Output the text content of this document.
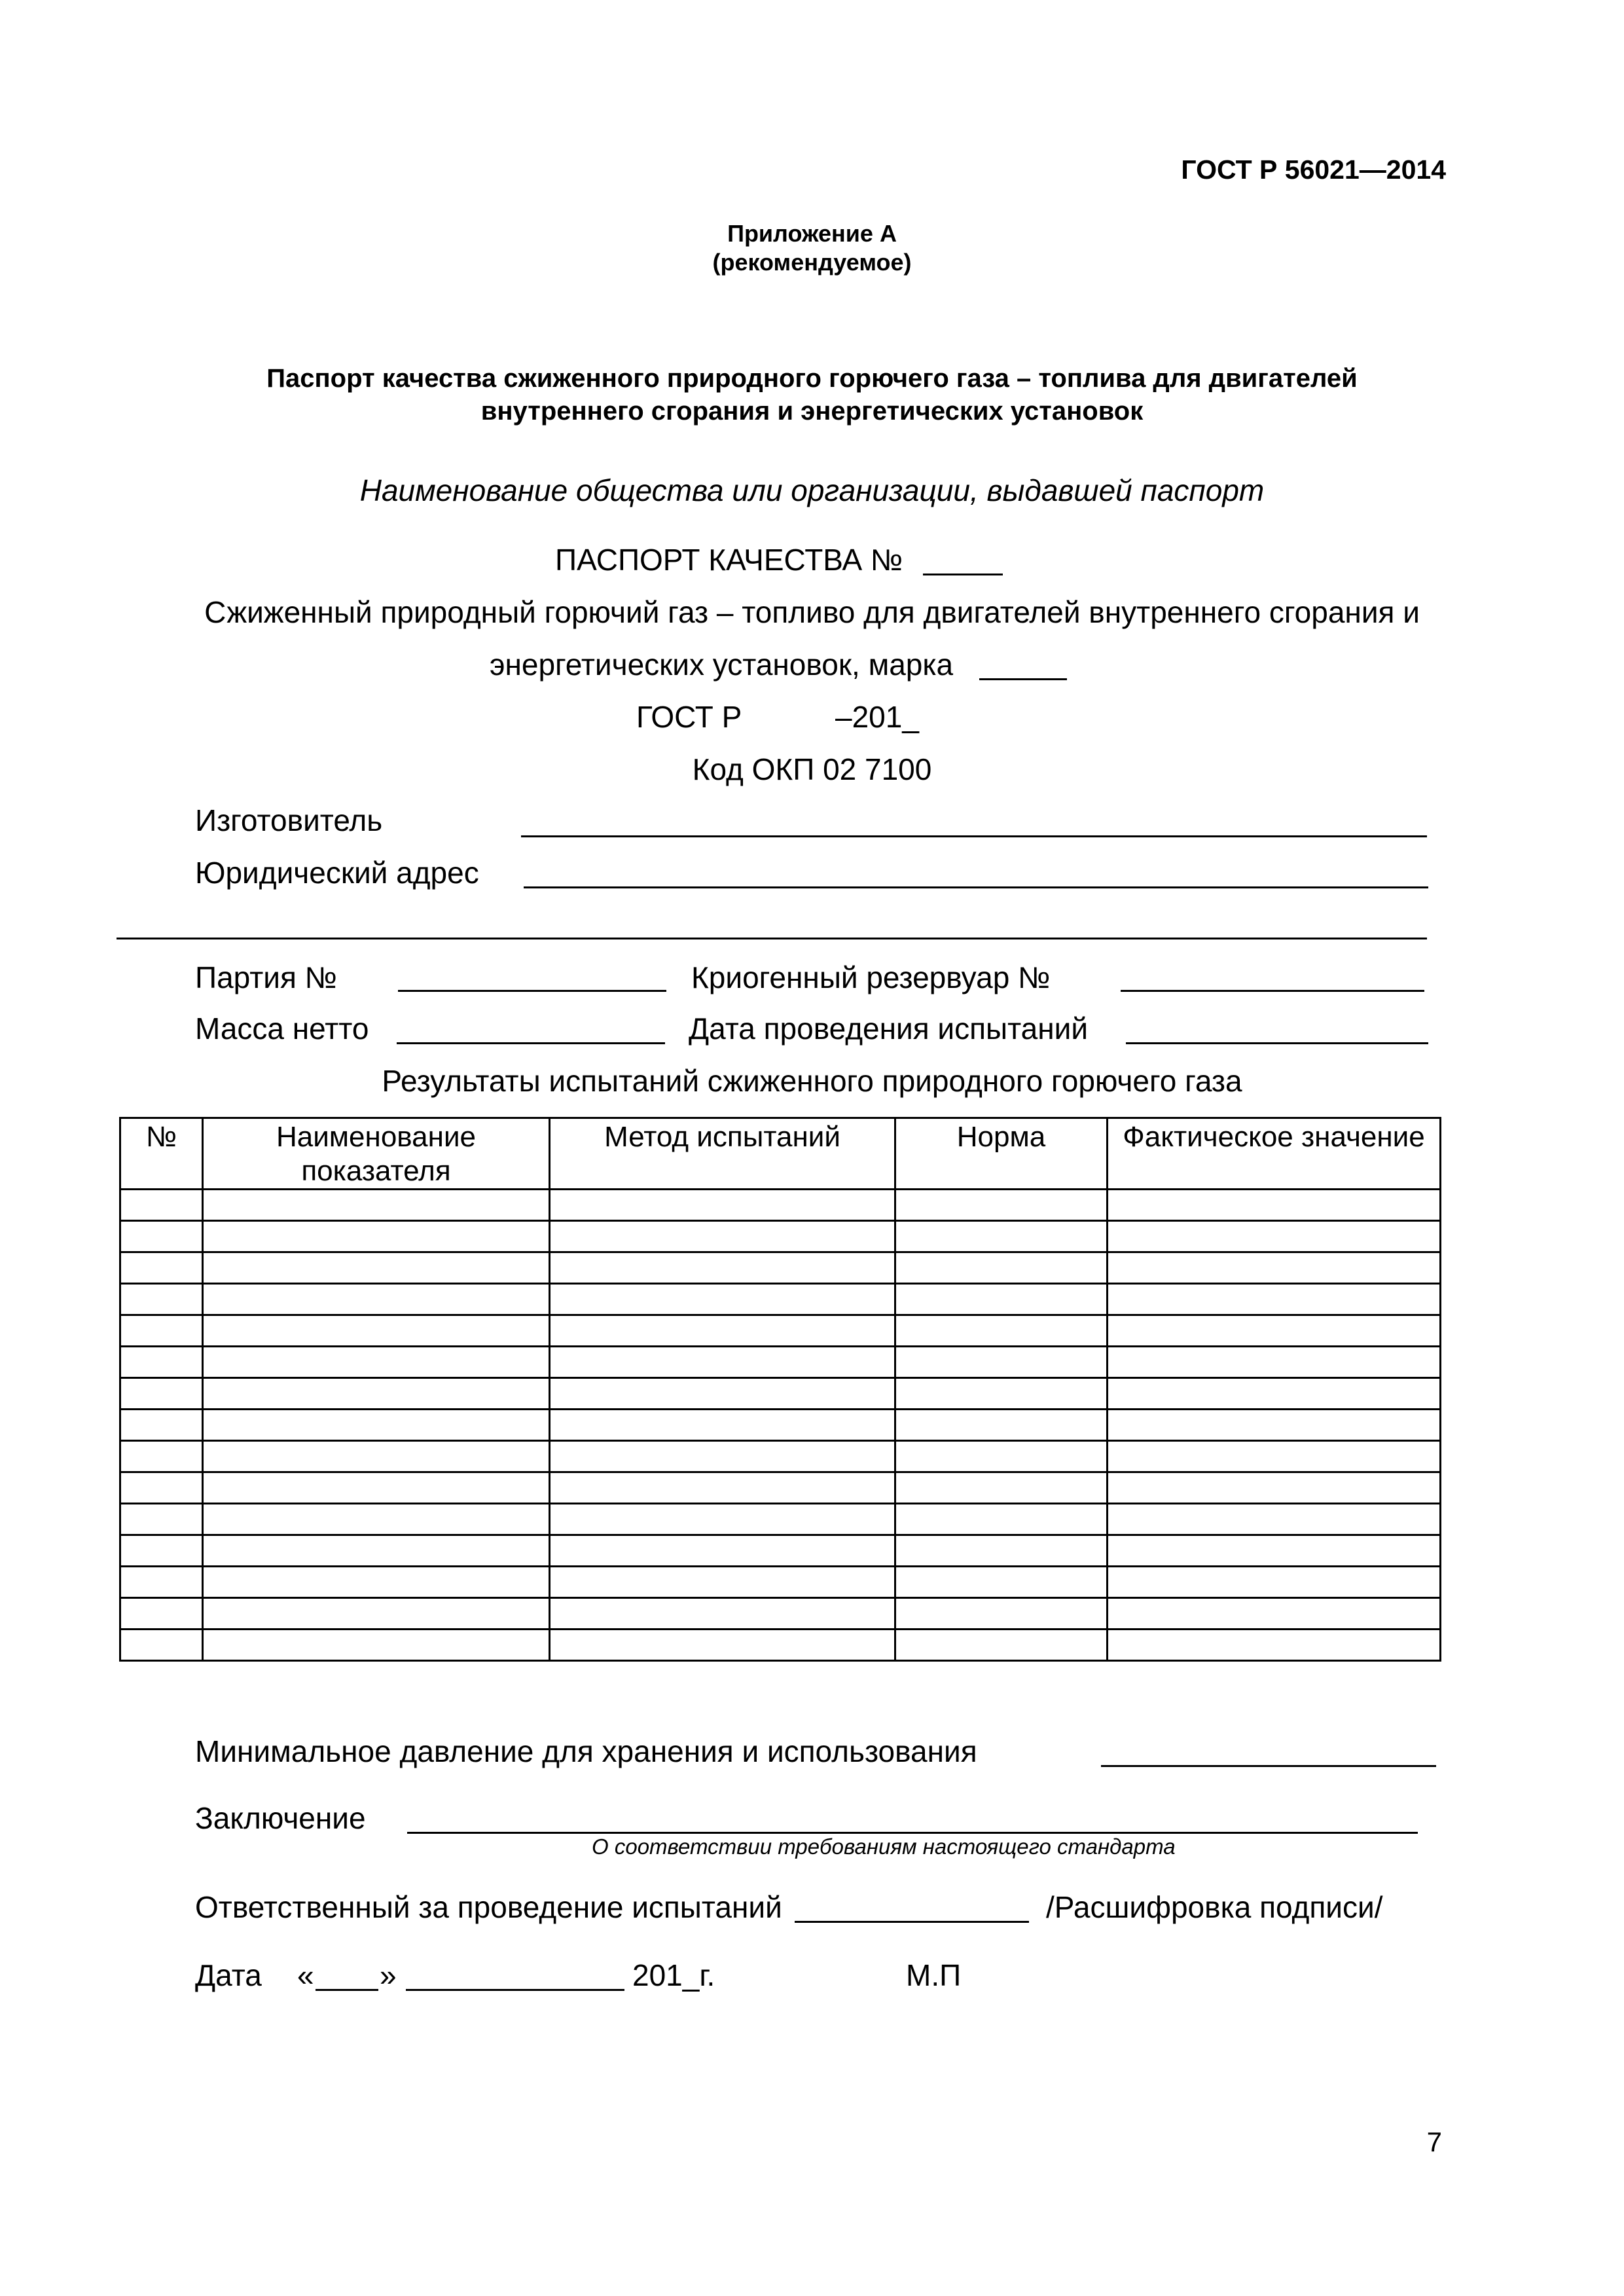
ГОСТ Р 56021—2014
Приложение А
(рекомендуемое)
Паспорт качества сжиженного природного горючего газа – топлива для двигателей
внутреннего сгорания и энергетических установок
Наименование общества или организации, выдавшей паспорт
ПАСПОРТ КАЧЕСТВА №
Сжиженный природный горючий газ – топливо для двигателей внутреннего сгорания и
энергетических установок, марка
ГОСТ Р	–201_
Код ОКП 02 7100
Изготовитель
Юридический адрес
Партия №	Криогенный резервуар №
Масса нетто	Дата проведения испытаний
Результаты испытаний сжиженного природного горючего газа
№	Наименование показателя	Метод испытаний	Норма	Фактическое значение

Минимальное давление для хранения и использования
Заключение
О соответствии требованиям настоящего стандарта
Ответственный за проведение испытаний	/Расшифровка подписи/
Дата « »	201_г.	М.П
7
